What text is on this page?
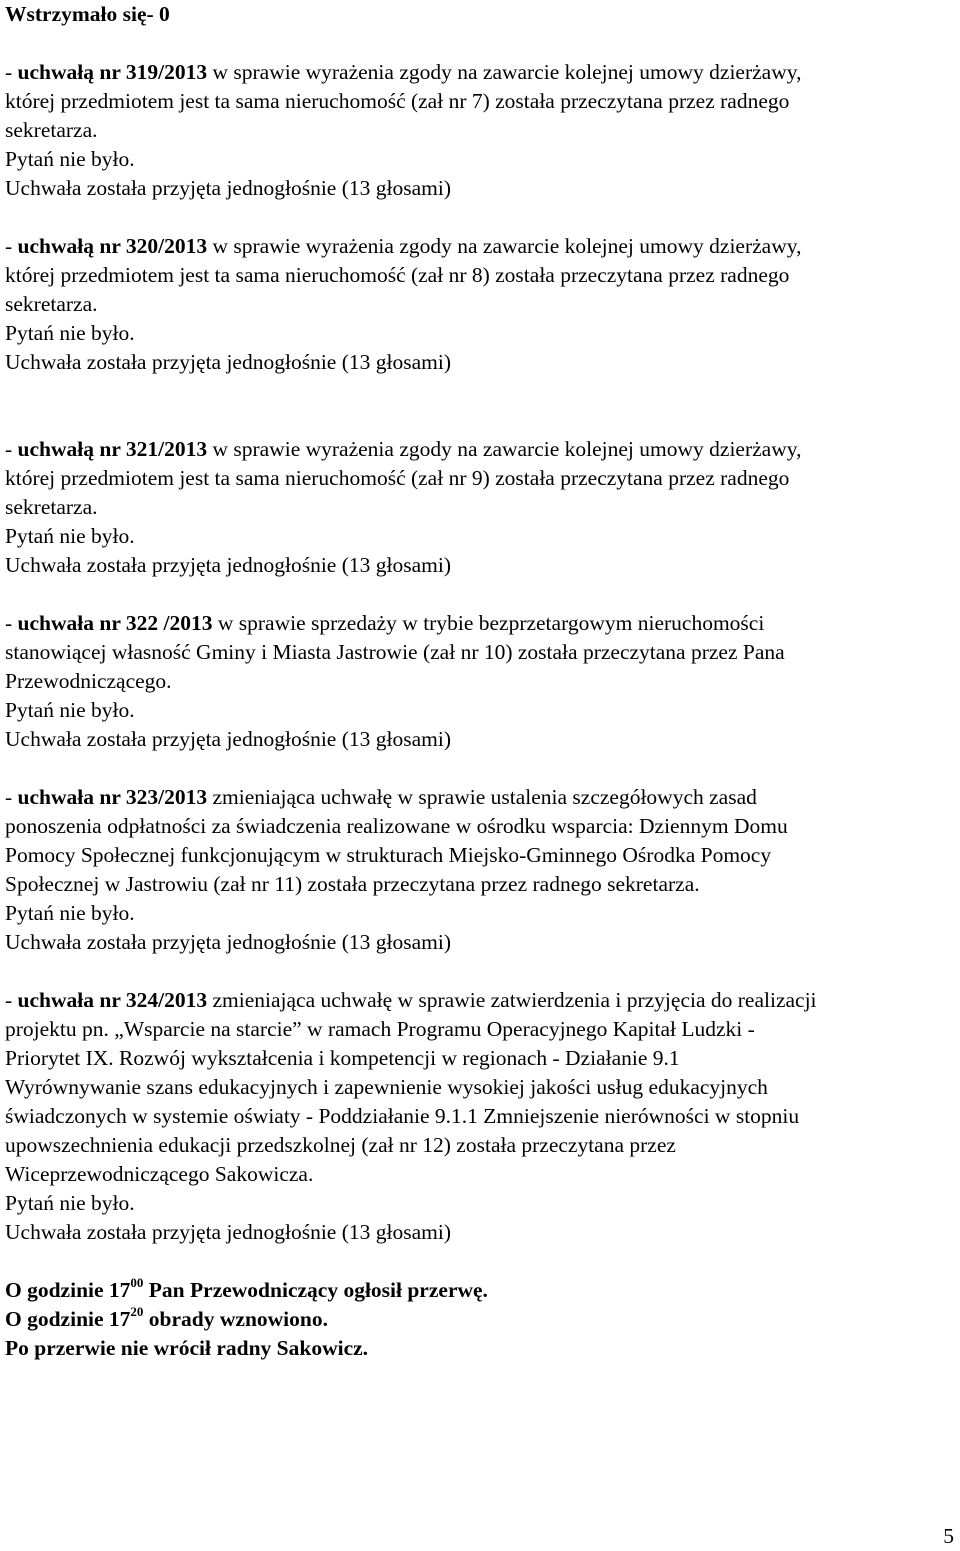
Wstrzymało się- 0
- uchwałą nr 319/2013 w sprawie wyrażenia zgody na zawarcie kolejnej umowy dzierżawy,
której przedmiotem jest ta sama nieruchomość (zał nr 7) została przeczytana przez radnego
sekretarza.
Pytań nie było.
Uchwała została przyjęta jednogłośnie (13 głosami)
- uchwałą nr 320/2013 w sprawie wyrażenia zgody na zawarcie kolejnej umowy dzierżawy,
której przedmiotem jest ta sama nieruchomość (zał nr 8) została przeczytana przez radnego
sekretarza.
Pytań nie było.
Uchwała została przyjęta jednogłośnie (13 głosami)
- uchwałą nr 321/2013 w sprawie wyrażenia zgody na zawarcie kolejnej umowy dzierżawy,
której przedmiotem jest ta sama nieruchomość (zał nr 9) została przeczytana przez radnego
sekretarza.
Pytań nie było.
Uchwała została przyjęta jednogłośnie (13 głosami)
- uchwała nr 322 /2013 w sprawie sprzedaży w trybie bezprzetargowym nieruchomości
stanowiącej własność Gminy i Miasta Jastrowie (zał nr 10) została przeczytana przez Pana
Przewodniczącego.
Pytań nie było.
Uchwała została przyjęta jednogłośnie (13 głosami)
- uchwała nr 323/2013 zmieniająca uchwałę w sprawie ustalenia szczegółowych zasad
ponoszenia odpłatności za świadczenia realizowane w ośrodku wsparcia: Dziennym Domu
Pomocy Społecznej funkcjonującym w strukturach Miejsko-Gminnego Ośrodka Pomocy
Społecznej w Jastrowiu (zał nr 11) została przeczytana przez radnego sekretarza.
Pytań nie było.
Uchwała została przyjęta jednogłośnie (13 głosami)
- uchwała nr 324/2013 zmieniająca uchwałę w sprawie zatwierdzenia i przyjęcia do realizacji
projektu pn. „Wsparcie na starcie” w ramach Programu Operacyjnego Kapitał Ludzki -
Priorytet IX. Rozwój wykształcenia i kompetencji w regionach - Działanie 9.1
Wyrównywanie szans edukacyjnych i zapewnienie wysokiej jakości usług edukacyjnych
świadczonych w systemie oświaty - Poddziałanie 9.1.1 Zmniejszenie nierówności w stopniu
upowszechnienia edukacji przedszkolnej (zał nr 12) została przeczytana przez
Wiceprzewodniczącego Sakowicza.
Pytań nie było.
Uchwała została przyjęta jednogłośnie (13 głosami)
O godzinie $17^{00}$ Pan Przewodniczący ogłosił przerwę.
O godzinie $17^{20}$ obrady wznowiono.
Po przerwie nie wrócił radny Sakowicz.
5
